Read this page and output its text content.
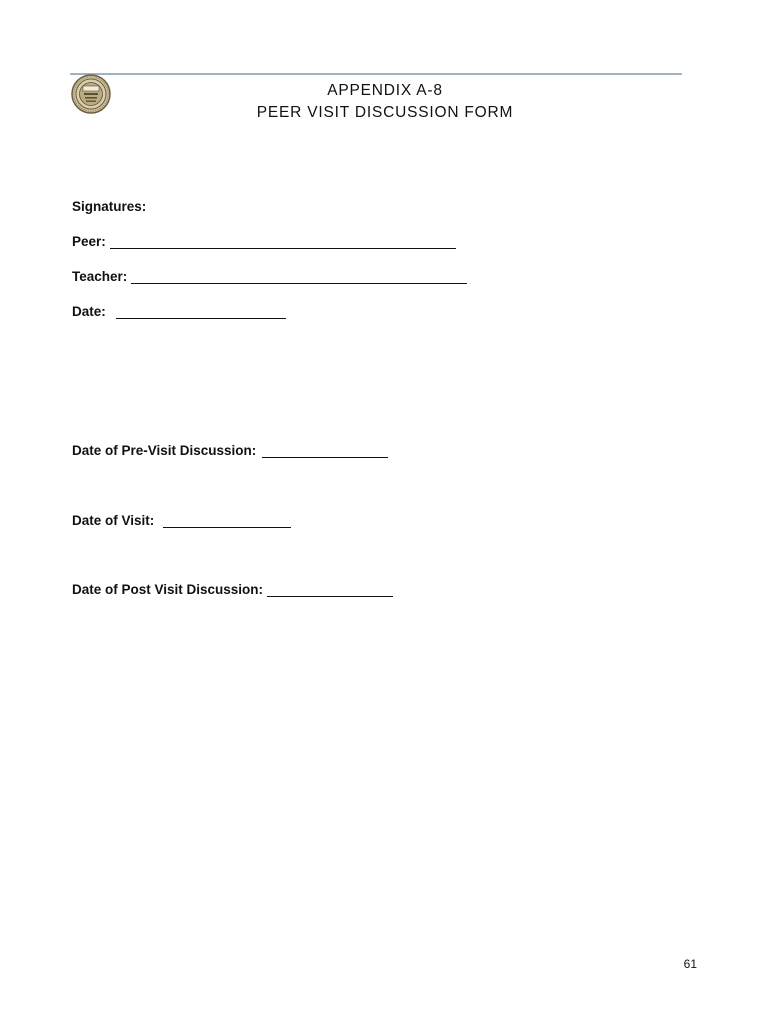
APPENDIX A-8
PEER VISIT DISCUSSION FORM
Signatures:
Peer:
Teacher:
Date:
Date of Pre-Visit Discussion:
Date of Visit:
Date of Post Visit Discussion:
61
